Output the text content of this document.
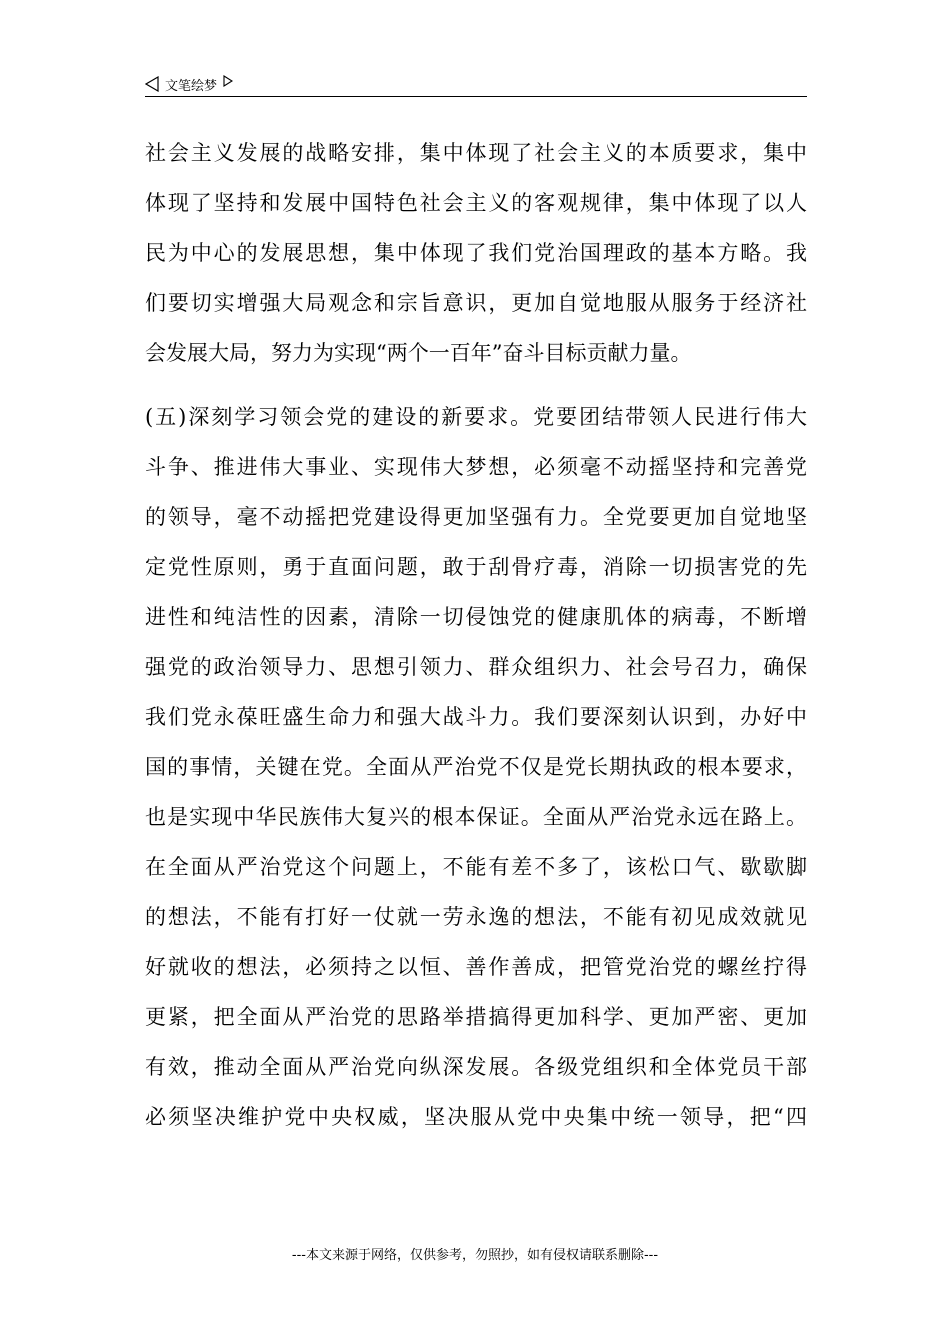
文笔绘梦
社会主义发展的战略安排，集中体现了社会主义的本质要求，集中
体现了坚持和发展中国特色社会主义的客观规律，集中体现了以人
民为中心的发展思想，集中体现了我们党治国理政的基本方略。我
们要切实增强大局观念和宗旨意识，更加自觉地服从服务于经济社
会发展大局，努力为实现“两个一百年”奋斗目标贡献力量。
(五)深刻学习领会党的建设的新要求。党要团结带领人民进行伟大
斗争、推进伟大事业、实现伟大梦想，必须毫不动摇坚持和完善党
的领导，毫不动摇把党建设得更加坚强有力。全党要更加自觉地坚
定党性原则，勇于直面问题，敢于刮骨疗毒，消除一切损害党的先
进性和纯洁性的因素，清除一切侵蚀党的健康肌体的病毒，不断增
强党的政治领导力、思想引领力、群众组织力、社会号召力，确保
我们党永葆旺盛生命力和强大战斗力。我们要深刻认识到，办好中
国的事情，关键在党。全面从严治党不仅是党长期执政的根本要求，
也是实现中华民族伟大复兴的根本保证。全面从严治党永远在路上。
在全面从严治党这个问题上，不能有差不多了，该松口气、歇歇脚
的想法，不能有打好一仗就一劳永逸的想法，不能有初见成效就见
好就收的想法，必须持之以恒、善作善成，把管党治党的螺丝拧得
更紧，把全面从严治党的思路举措搞得更加科学、更加严密、更加
有效，推动全面从严治党向纵深发展。各级党组织和全体党员干部
必须坚决维护党中央权威，坚决服从党中央集中统一领导，把“四
---本文来源于网络，仅供参考，勿照抄，如有侵权请联系删除---
